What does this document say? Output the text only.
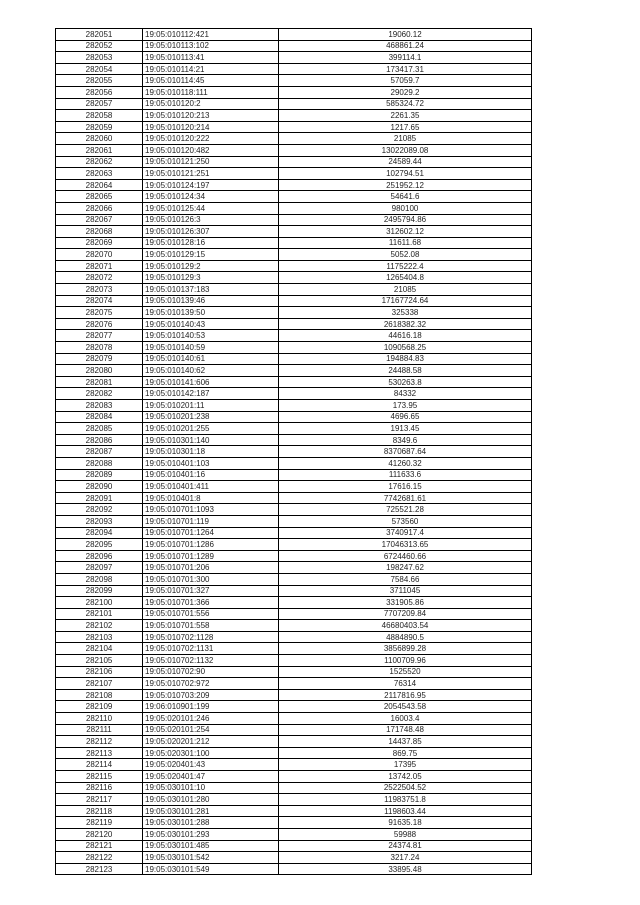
282051	19:05:010112:421	19060.12
282052	19:05:010113:102	468861.24
282053	19:05:010113:41	399114.1
282054	19:05:010114:21	173417.31
282055	19:05:010114:45	57059.7
282056	19:05:010118:111	29029.2
282057	19:05:010120:2	585324.72
282058	19:05:010120:213	2261.35
282059	19:05:010120:214	1217.65
282060	19:05:010120:222	21085
282061	19:05:010120:482	13022089.08
282062	19:05:010121:250	24589.44
282063	19:05:010121:251	102794.51
282064	19:05:010124:197	251952.12
282065	19:05:010124:34	54641.6
282066	19:05:010125:44	980100
282067	19:05:010126:3	2495794.86
282068	19:05:010126:307	312602.12
282069	19:05:010128:16	11611.68
282070	19:05:010129:15	5052.08
282071	19:05:010129:2	1175222.4
282072	19:05:010129:3	1265404.8
282073	19:05:010137:183	21085
282074	19:05:010139:46	17167724.64
282075	19:05:010139:50	325338
282076	19:05:010140:43	2618382.32
282077	19:05:010140:53	44616.18
282078	19:05:010140:59	1090568.25
282079	19:05:010140:61	194884.83
282080	19:05:010140:62	24488.58
282081	19:05:010141:606	530263.8
282082	19:05:010142:187	84332
282083	19:05:010201:11	173.95
282084	19:05:010201:238	4696.65
282085	19:05:010201:255	1913.45
282086	19:05:010301:140	8349.6
282087	19:05:010301:18	8370687.64
282088	19:05:010401:103	41260.32
282089	19:05:010401:16	111633.6
282090	19:05:010401:411	17616.15
282091	19:05:010401:8	7742681.61
282092	19:05:010701:1093	725521.28
282093	19:05:010701:119	573560
282094	19:05:010701:1264	3740917.4
282095	19:05:010701:1286	17046313.65
282096	19:05:010701:1289	6724460.66
282097	19:05:010701:206	198247.62
282098	19:05:010701:300	7584.66
282099	19:05:010701:327	3711045
282100	19:05:010701:366	331905.86
282101	19:05:010701:556	7707209.84
282102	19:05:010701:558	46680403.54
282103	19:05:010702:1128	4884890.5
282104	19:05:010702:1131	3856899.28
282105	19:05:010702:1132	1100709.96
282106	19:05:010702:90	1525520
282107	19:05:010702:972	76314
282108	19:05:010703:209	2117816.95
282109	19:06:010901:199	2054543.58
282110	19:05:020101:246	16003.4
282111	19:05:020101:254	171748.48
282112	19:05:020201:212	14437.85
282113	19:05:020301:100	869.75
282114	19:05:020401:43	17395
282115	19:05:020401:47	13742.05
282116	19:05:030101:10	2522504.52
282117	19:05:030101:280	11983751.8
282118	19:05:030101:281	1198603.44
282119	19:05:030101:288	91635.18
282120	19:05:030101:293	59988
282121	19:05:030101:485	24374.81
282122	19:05:030101:542	3217.24
282123	19:05:030101:549	33895.48
